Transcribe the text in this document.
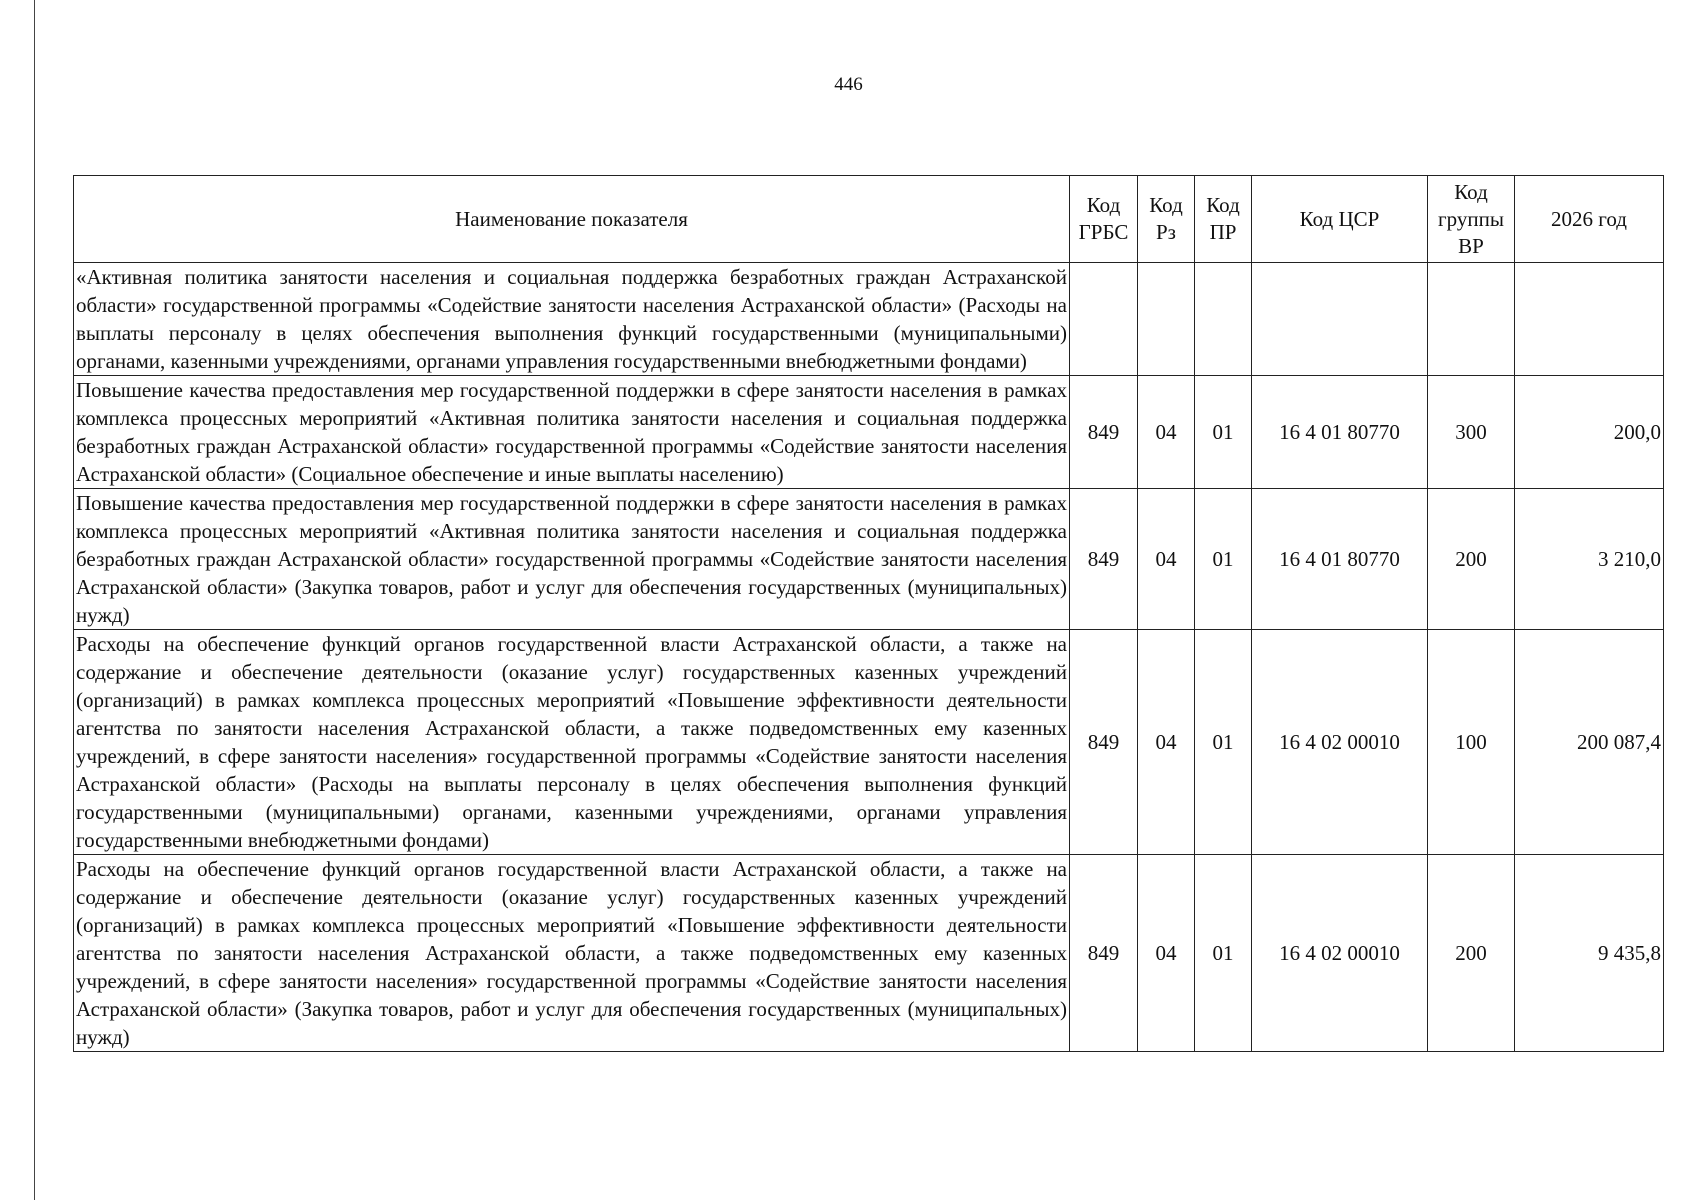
446
Наименование показателя	Код ГРБС	Код Рз	Код ПР	Код ЦСР	Код группы ВР	2026 год
«Активная политика занятости населения и социальная поддержка безработных граждан Астраханской области» государственной программы «Содействие занятости населения Астраханской области» (Расходы на выплаты персоналу в целях обеспечения выполнения функций государственными (муниципальными) органами, казенными учреждениями, органами управления государственными внебюджетными фондами)						
Повышение качества предоставления мер государственной поддержки в сфере занятости населения в рамках комплекса процессных мероприятий «Активная политика занятости населения и социальная поддержка безработных граждан Астраханской области» государственной программы «Содействие занятости населения Астраханской области» (Социальное обеспечение и иные выплаты населению)	849	04	01	16 4 01 80770	300	200,0
Повышение качества предоставления мер государственной поддержки в сфере занятости населения в рамках комплекса процессных мероприятий «Активная политика занятости населения и социальная поддержка безработных граждан Астраханской области» государственной программы «Содействие занятости населения Астраханской области» (Закупка товаров, работ и услуг для обеспечения государственных (муниципальных) нужд)	849	04	01	16 4 01 80770	200	3 210,0
Расходы на обеспечение функций органов государственной власти Астраханской области, а также на содержание и обеспечение деятельности (оказание услуг) государственных казенных учреждений (организаций) в рамках комплекса процессных мероприятий «Повышение эффективности деятельности агентства по занятости населения Астраханской области, а также подведомственных ему казенных учреждений, в сфере занятости населения» государственной программы «Содействие занятости населения Астраханской области» (Расходы на выплаты персоналу в целях обеспечения выполнения функций государственными (муниципальными) органами, казенными учреждениями, органами управления государственными внебюджетными фондами)	849	04	01	16 4 02 00010	100	200 087,4
Расходы на обеспечение функций органов государственной власти Астраханской области, а также на содержание и обеспечение деятельности (оказание услуг) государственных казенных учреждений (организаций) в рамках комплекса процессных мероприятий «Повышение эффективности деятельности агентства по занятости населения Астраханской области, а также подведомственных ему казенных учреждений, в сфере занятости населения» государственной программы «Содействие занятости населения Астраханской области» (Закупка товаров, работ и услуг для обеспечения государственных (муниципальных) нужд)	849	04	01	16 4 02 00010	200	9 435,8
